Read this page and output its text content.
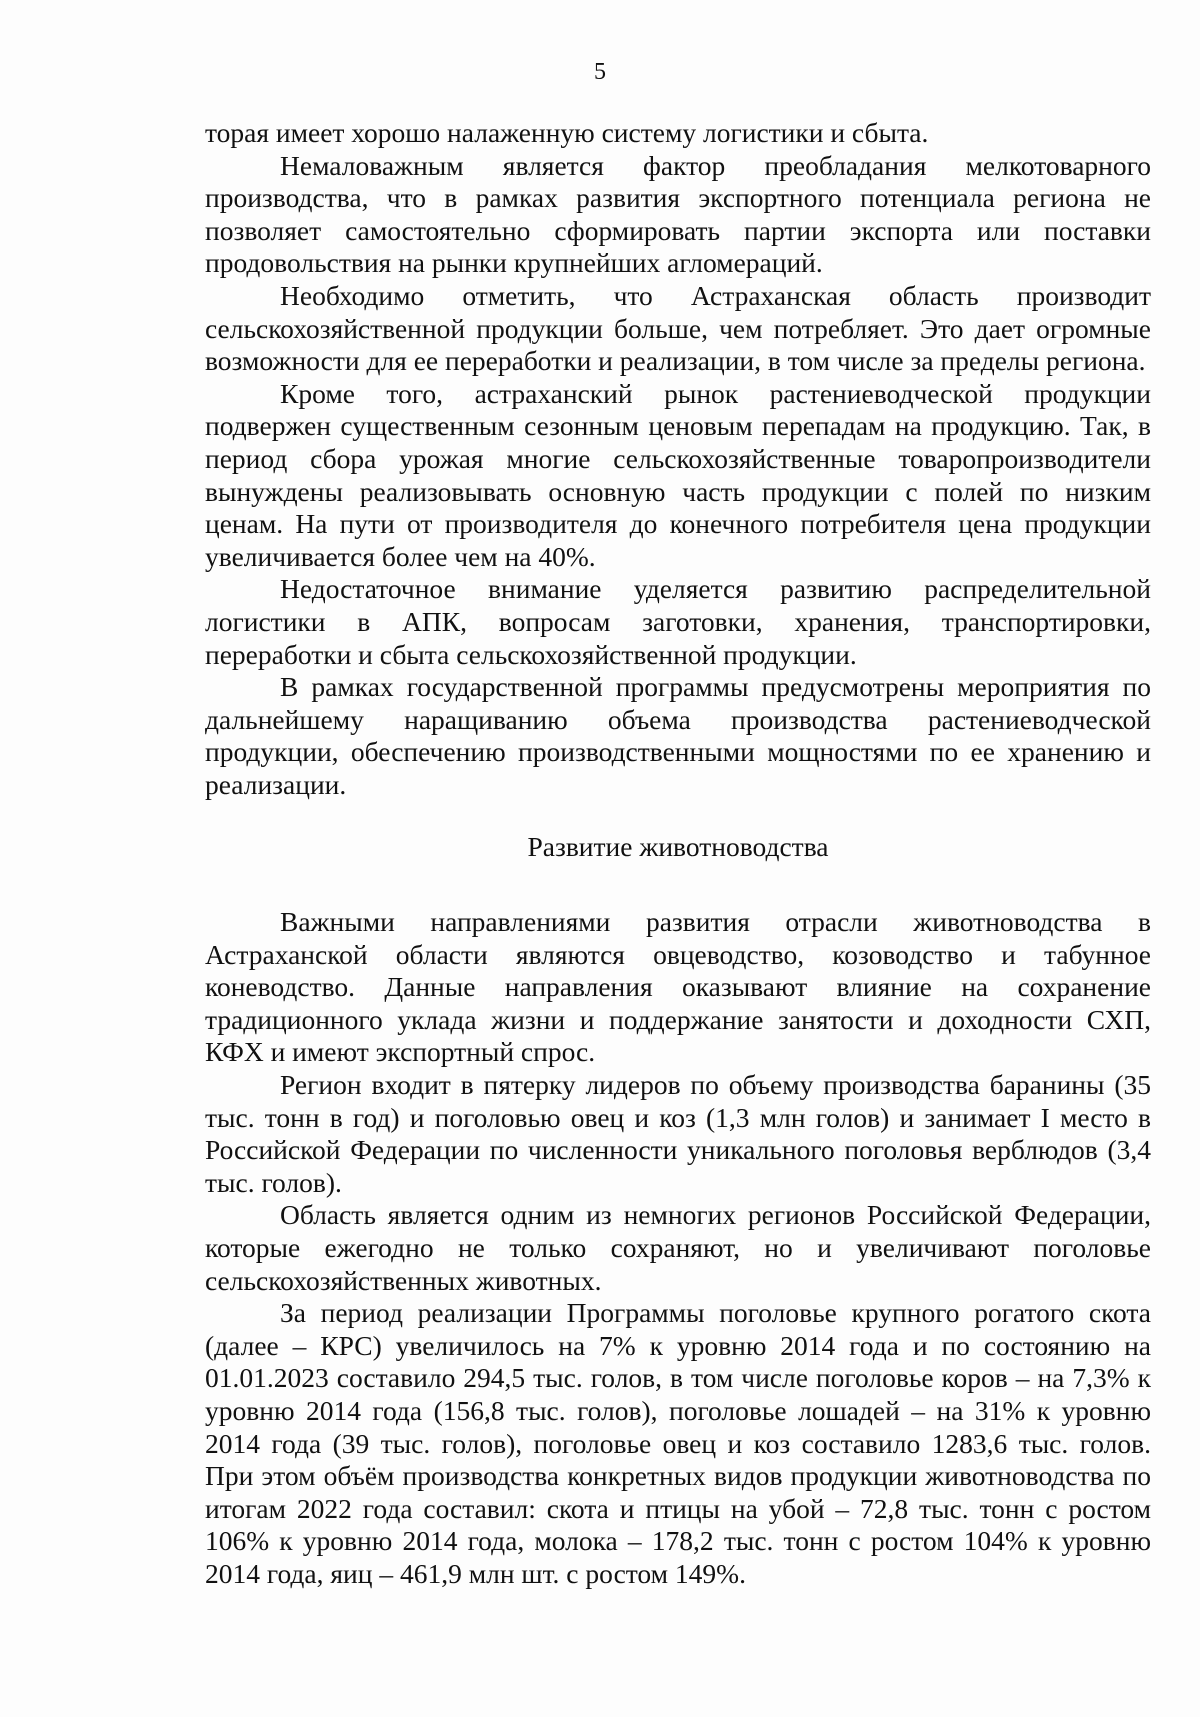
5

торая имеет хорошо налаженную систему логистики и сбыта.

Немаловажным является фактор преобладания мелкотоварного производства, что в рамках развития экспортного потенциала региона не позволяет самостоятельно сформировать партии экспорта или поставки продовольствия на рынки крупнейших агломераций.

Необходимо отметить, что Астраханская область производит сельскохозяйственной продукции больше, чем потребляет. Это дает огромные возможности для ее переработки и реализации, в том числе за пределы региона.

Кроме того, астраханский рынок растениеводческой продукции подвержен существенным сезонным ценовым перепадам на продукцию. Так, в период сбора урожая многие сельскохозяйственные товаропроизводители вынуждены реализовывать основную часть продукции с полей по низким ценам. На пути от производителя до конечного потребителя цена продукции увеличивается более чем на 40%.

Недостаточное внимание уделяется развитию распределительной логистики в АПК, вопросам заготовки, хранения, транспортировки, переработки и сбыта сельскохозяйственной продукции.

В рамках государственной программы предусмотрены мероприятия по дальнейшему наращиванию объема производства растениеводческой продукции, обеспечению производственными мощностями по ее хранению и реализации.

Развитие животноводства

Важными направлениями развития отрасли животноводства в Астраханской области являются овцеводство, козоводство и табунное коневодство. Данные направления оказывают влияние на сохранение традиционного уклада жизни и поддержание занятости и доходности СХП, КФХ и имеют экспортный спрос.

Регион входит в пятерку лидеров по объему производства баранины (35 тыс. тонн в год) и поголовью овец и коз (1,3 млн голов) и занимает I место в Российской Федерации по численности уникального поголовья верблюдов (3,4 тыс. голов).

Область является одним из немногих регионов Российской Федерации, которые ежегодно не только сохраняют, но и увеличивают поголовье сельскохозяйственных животных.

За период реализации Программы поголовье крупного рогатого скота (далее – КРС) увеличилось на 7% к уровню 2014 года и по состоянию на 01.01.2023 составило 294,5 тыс. голов, в том числе поголовье коров – на 7,3% к уровню 2014 года (156,8 тыс. голов), поголовье лошадей – на 31% к уровню 2014 года (39 тыс. голов), поголовье овец и коз составило 1283,6 тыс. голов. При этом объём производства конкретных видов продукции животноводства по итогам 2022 года составил: скота и птицы на убой – 72,8 тыс. тонн с ростом 106% к уровню 2014 года, молока – 178,2 тыс. тонн с ростом 104% к уровню 2014 года, яиц – 461,9 млн шт. с ростом 149%.
